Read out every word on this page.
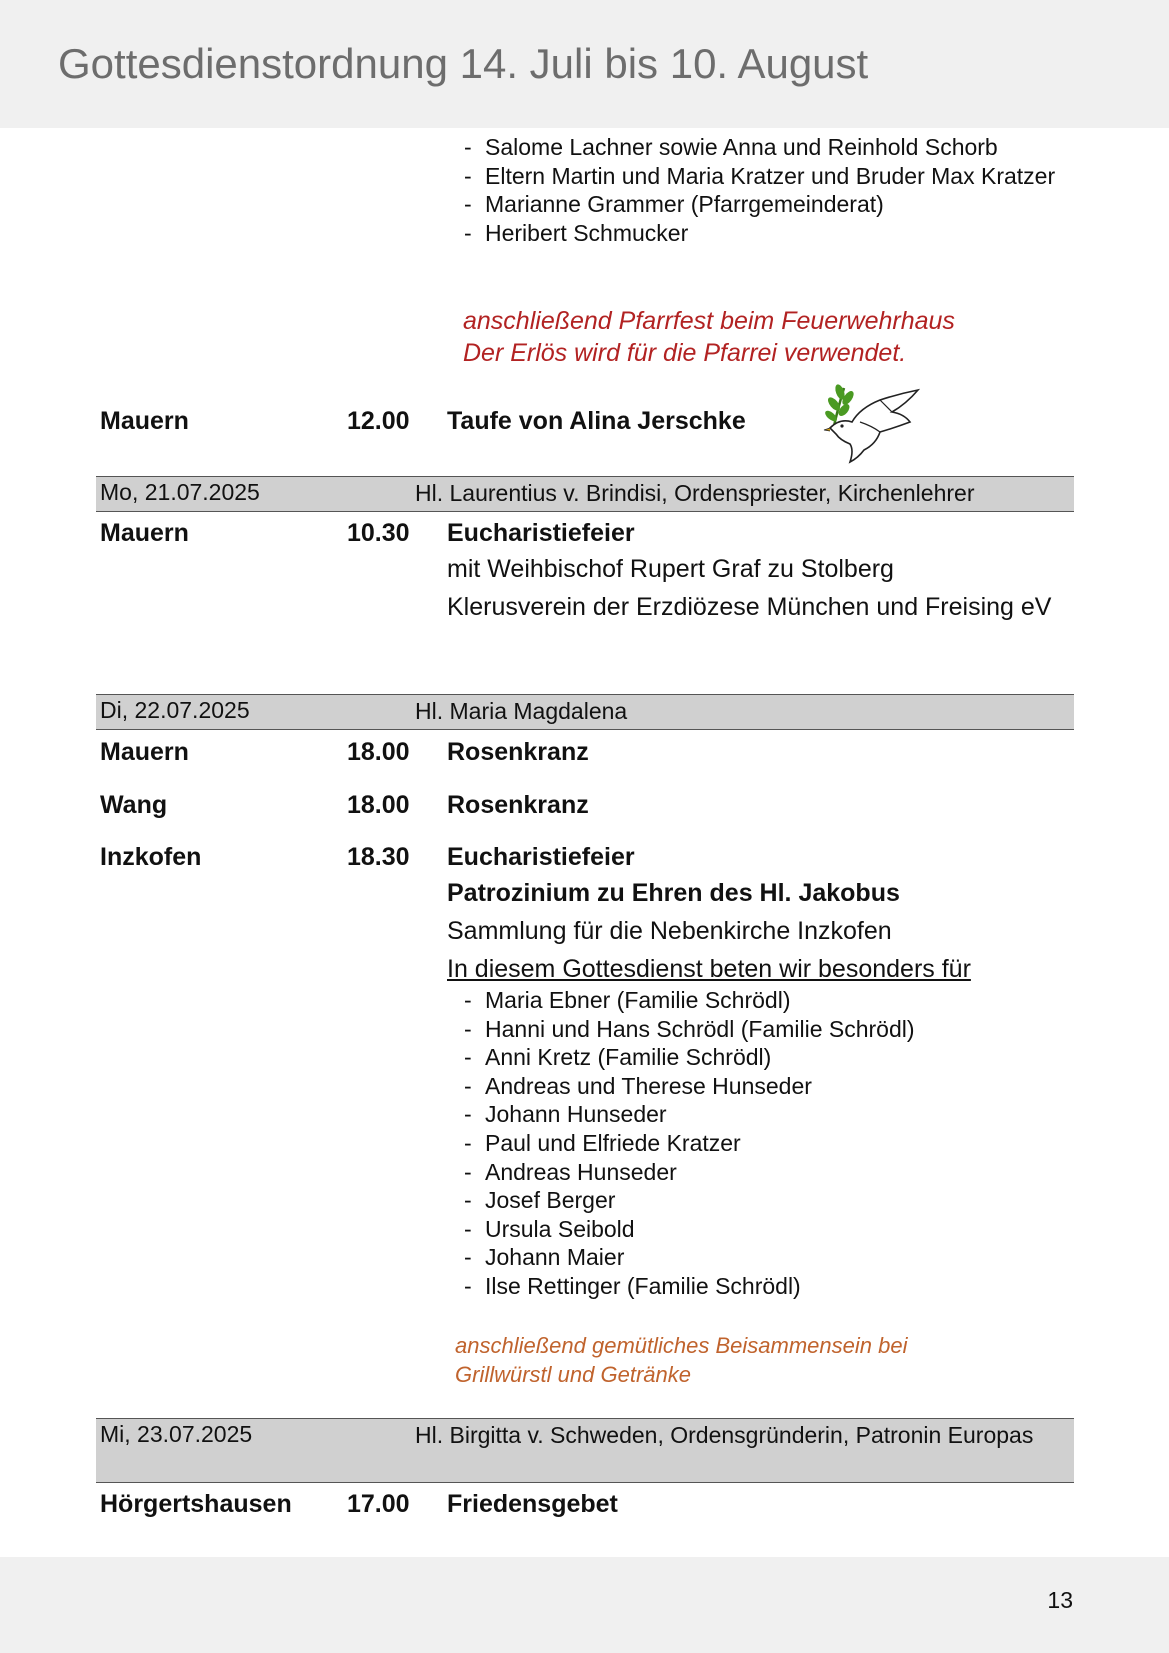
Gottesdienstordnung 14. Juli bis 10. August
- Salome Lachner sowie Anna und Reinhold Schorb
- Eltern Martin und Maria Kratzer und Bruder Max Kratzer
- Marianne Grammer (Pfarrgemeinderat)
- Heribert Schmucker
anschließend Pfarrfest beim Feuerwehrhaus
Der Erlös wird für die Pfarrei verwendet.
Mauern	12.00 Taufe von Alina Jerschke
Mo, 21.07.2025	Hl. Laurentius v. Brindisi, Ordenspriester, Kirchenlehrer
Mauern	10.30 Eucharistiefeier
mit Weihbischof Rupert Graf zu Stolberg
Klerusverein der Erzdiözese München und Freising eV
Di, 22.07.2025	Hl. Maria Magdalena
Mauern	18.00 Rosenkranz
Wang	18.00 Rosenkranz
Inzkofen	18.30 Eucharistiefeier
Patrozinium zu Ehren des Hl. Jakobus
Sammlung für die Nebenkirche Inzkofen
In diesem Gottesdienst beten wir besonders für
- Maria Ebner (Familie Schrödl)
- Hanni und Hans Schrödl (Familie Schrödl)
- Anni Kretz (Familie Schrödl)
- Andreas und Therese Hunseder
- Johann Hunseder
- Paul und Elfriede Kratzer
- Andreas Hunseder
- Josef Berger
- Ursula Seibold
- Johann Maier
- Ilse Rettinger (Familie Schrödl)
anschließend gemütliches Beisammensein bei
Grillwürstl und Getränke
Mi, 23.07.2025	Hl. Birgitta v. Schweden, Ordensgründerin, Patronin Europas
Hörgertshausen 17.00 Friedensgebet
13
